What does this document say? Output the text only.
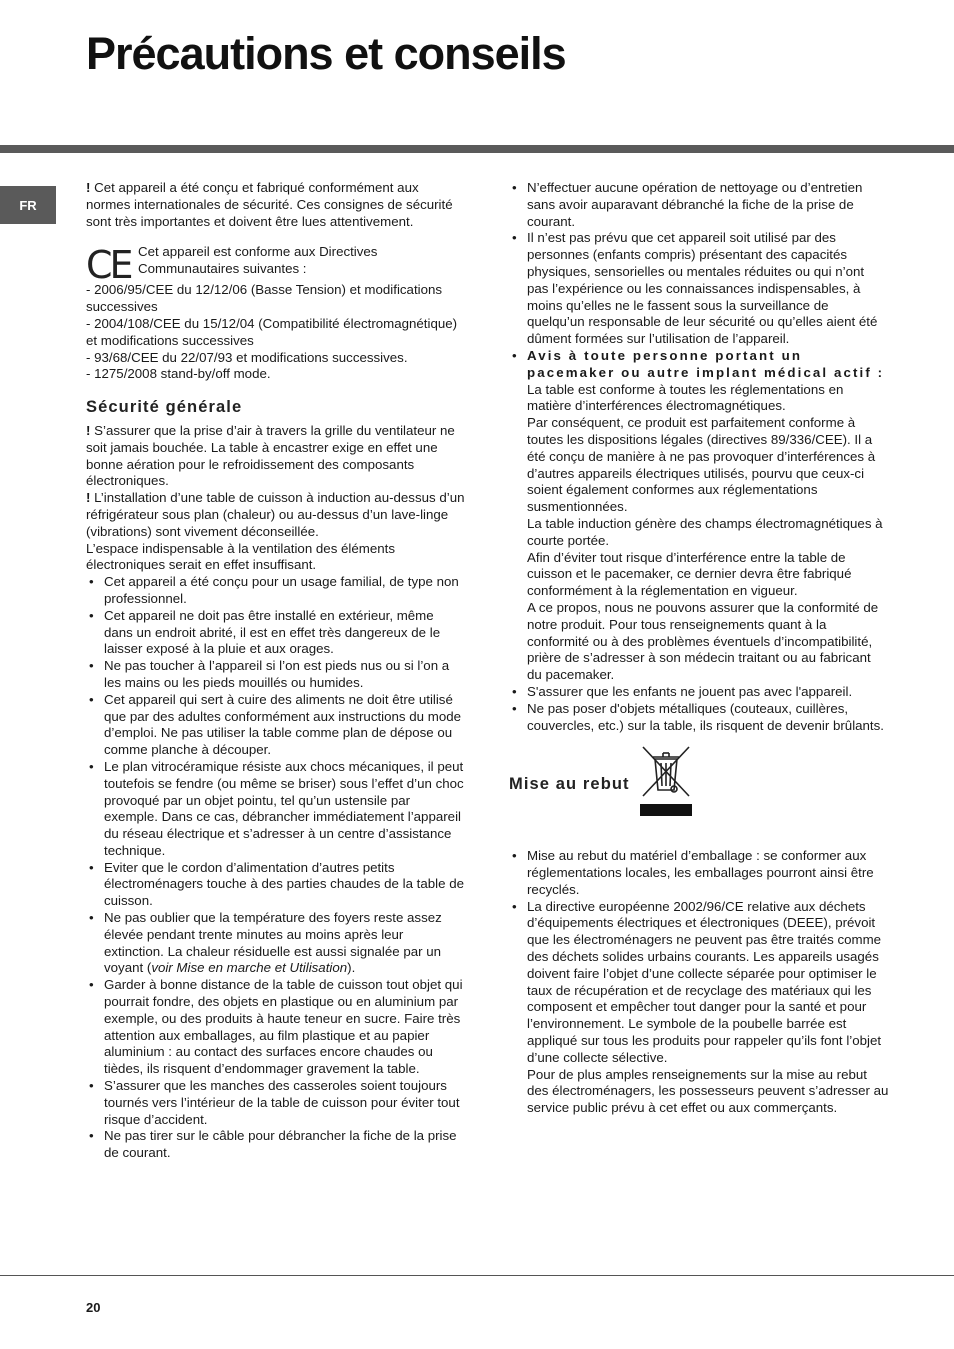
Précautions et conseils
FR

! Cet appareil a été conçu et fabriqué conformément aux normes internationales de sécurité. Ces consignes de sécurité sont très importantes et doivent être lues attentivement.

CE Cet appareil est conforme aux Directives Communautaires suivantes :

- 2006/95/CEE du 12/12/06 (Basse Tension) et modifications successives

- 2004/108/CEE du 15/12/04 (Compatibilité électromagnétique) et modifications successives

- 93/68/CEE du 22/07/93 et modifications successives.

- 1275/2008 stand-by/off mode.

Sécurité générale

! S’assurer que la prise d’air à travers la grille du ventilateur ne soit jamais bouchée. La table à encastrer exige en effet une bonne aération pour le refroidissement des composants électroniques.

! L’installation d’une table de cuisson à induction au-dessus d’un réfrigérateur sous plan (chaleur) ou au-dessus d’un lave-linge (vibrations) sont vivement déconseillée.

L’espace indispensable à la ventilation des éléments électroniques serait en effet insuffisant.

• Cet appareil a été conçu pour un usage familial, de type non professionnel.
• Cet appareil ne doit pas être installé en extérieur, même dans un endroit abrité, il est en effet très dangereux de le laisser exposé à la pluie et aux orages.
• Ne pas toucher à l’appareil si l’on est pieds nus ou si l’on a les mains ou les pieds mouillés ou humides.
• Cet appareil qui sert à cuire des aliments ne doit être utilisé que par des adultes conformément aux instructions du mode d’emploi. Ne pas utiliser la table comme plan de dépose ou comme planche à découper.
• Le plan vitrocéramique résiste aux chocs mécaniques, il peut toutefois se fendre (ou même se briser) sous l’effet d’un choc provoqué par un objet pointu, tel qu’un ustensile par exemple. Dans ce cas, débrancher immédiatement l’appareil du réseau électrique et s’adresser à un centre d’assistance technique.
• Eviter que le cordon d’alimentation d’autres petits électroménagers touche à des parties chaudes de la table de cuisson.
• Ne pas oublier que la température des foyers reste assez élevée pendant trente minutes au moins après leur extinction. La chaleur résiduelle est aussi signalée par un voyant (voir Mise en marche et Utilisation).
• Garder à bonne distance de la table de cuisson tout objet qui pourrait fondre, des objets en plastique ou en aluminium par exemple, ou des produits à haute teneur en sucre. Faire très attention aux emballages, au film plastique et au papier aluminium : au contact des surfaces encore chaudes ou tièdes, ils risquent d’endommager gravement la table.
• S’assurer que les manches des casseroles soient toujours tournés vers l’intérieur de la table de cuisson pour éviter tout risque d’accident.
• Ne pas tirer sur le câble pour débrancher la fiche de la prise de courant.
• N’effectuer aucune opération de nettoyage ou d’entretien sans avoir auparavant débranché la fiche de la prise de courant.
• Il n’est pas prévu que cet appareil soit utilisé par des personnes (enfants compris) présentant des capacités physiques, sensorielles ou mentales réduites ou qui n’ont pas l’expérience ou les connaissances indispensables, à moins qu’elles ne le fassent sous la surveillance de quelqu’un responsable de leur sécurité ou qu’elles aient été dûment formées sur l’utilisation de l’appareil.
• Avis à toute personne portant un pacemaker ou autre implant médical actif :

La table est conforme à toutes les réglementations en matière d’interférences électromagnétiques.

Par conséquent, ce produit est parfaitement conforme à toutes les dispositions légales (directives 89/336/CEE). Il a été conçu de manière à ne pas provoquer d’interférences à d’autres appareils électriques utilisés, pourvu que ceux-ci soient également conformes aux réglementations susmentionnées.

La table induction génère des champs électromagnétiques à courte portée.

Afin d’éviter tout risque d’interférence entre la table de cuisson et le pacemaker, ce dernier devra être fabriqué conformément à la réglementation en vigueur.

A ce propos, nous ne pouvons assurer que la conformité de notre produit. Pour tous renseignements quant à la conformité ou à des problèmes éventuels d’incompatibilité, prière de s’adresser à son médecin traitant ou au fabricant du pacemaker.

• S'assurer que les enfants ne jouent pas avec l'appareil.
• Ne pas poser d'objets métalliques (couteaux, cuillères, couvercles, etc.) sur la table, ils risquent de devenir brûlants.
Mise au rebut
• Mise au rebut du matériel d’emballage : se conformer aux réglementations locales, les emballages pourront ainsi être recyclés.

• La directive européenne 2002/96/CE relative aux déchets d’équipements électriques et électroniques (DEEE), prévoit que les électroménagers ne peuvent pas être traités comme des déchets solides urbains courants. Les appareils usagés doivent faire l’objet d’une collecte séparée pour optimiser le taux de récupération et de recyclage des matériaux qui les composent et empêcher tout danger pour la santé et pour l’environnement. Le symbole de la poubelle barrée est appliqué sur tous les produits pour rappeler qu’ils font l’objet d’une collecte sélective.

Pour de plus amples renseignements sur la mise au rebut des électroménagers, les possesseurs peuvent s’adresser au service public prévu à cet effet ou aux commerçants.

20
